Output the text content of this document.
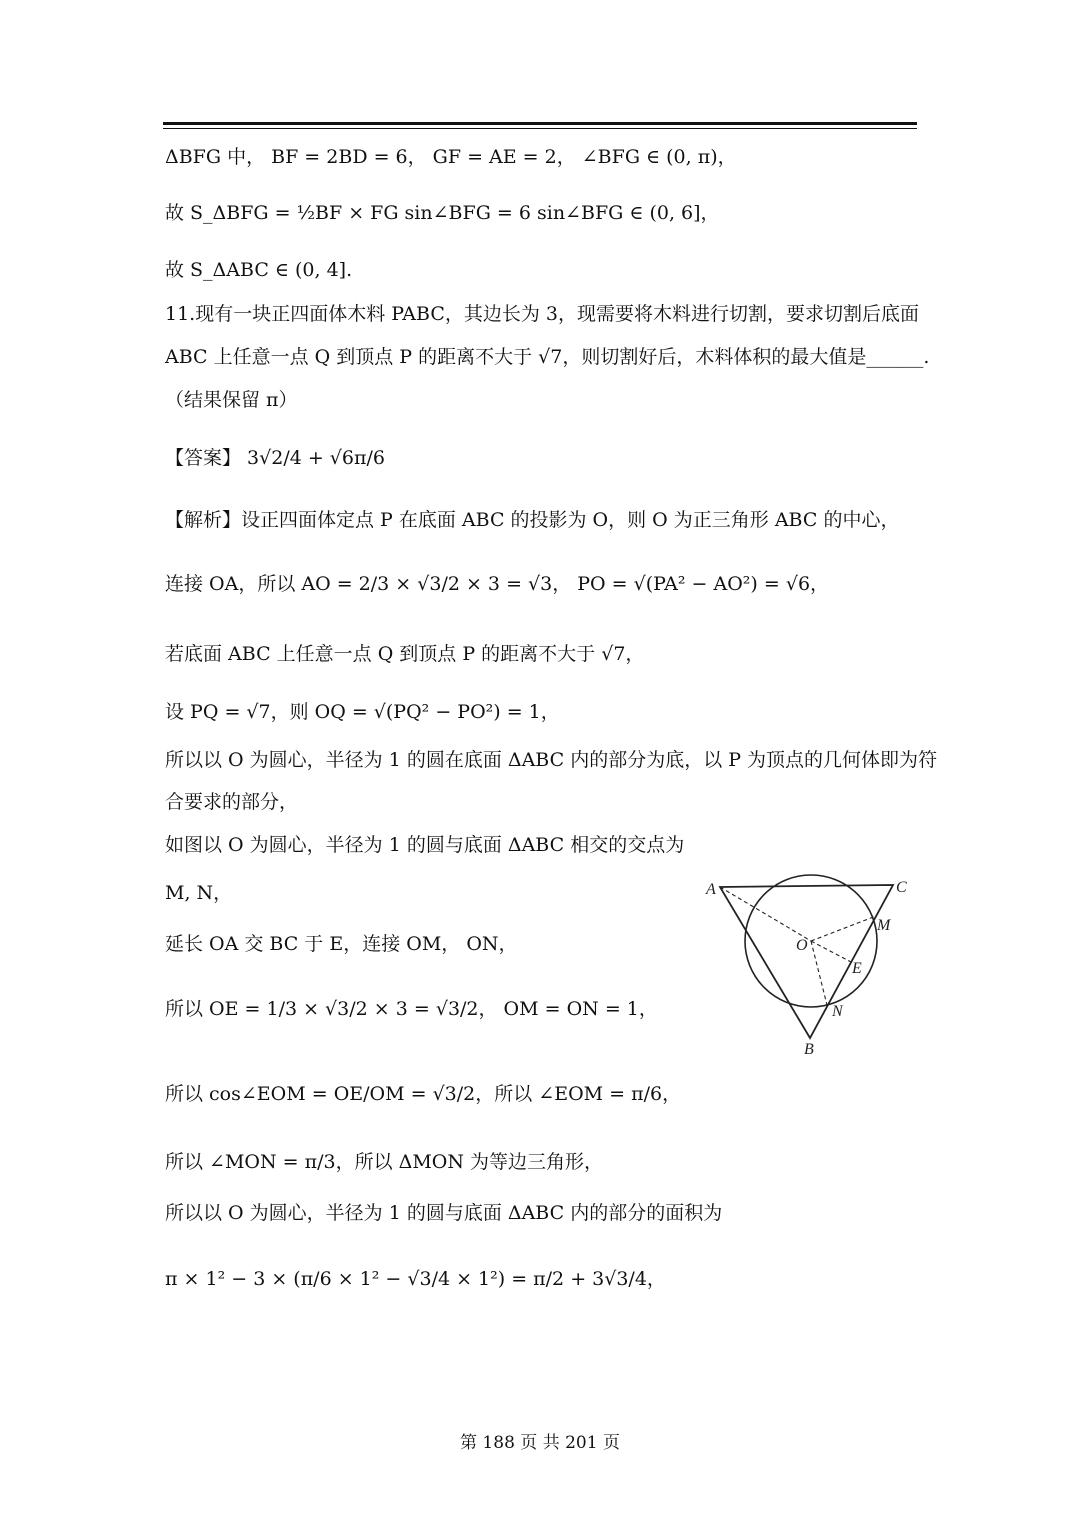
ΔBFG 中， BF = 2BD = 6， GF = AE = 2， ∠BFG ∈ (0, π)，
故 S_ΔBFG = ½BF × FG sin∠BFG = 6 sin∠BFG ∈ (0, 6]，
故 S_ΔABC ∈ (0, 4].
11.现有一块正四面体木料 PABC，其边长为 3，现需要将木料进行切割，要求切割后底面
ABC 上任意一点 Q 到顶点 P 的距离不大于 √7，则切割好后，木料体积的最大值是______.
（结果保留 π）
【答案】 3√2/4 + √6π/6
【解析】设正四面体定点 P 在底面 ABC 的投影为 O，则 O 为正三角形 ABC 的中心，
连接 OA，所以 AO = 2/3 × √3/2 × 3 = √3， PO = √(PA² − AO²) = √6，
若底面 ABC 上任意一点 Q 到顶点 P 的距离不大于 √7，
设 PQ = √7，则 OQ = √(PQ² − PO²) = 1，
所以以 O 为圆心，半径为 1 的圆在底面 ΔABC 内的部分为底，以 P 为顶点的几何体即为符
合要求的部分，
如图以 O 为圆心，半径为 1 的圆与底面 ΔABC 相交的交点为
M, N，
延长 OA 交 BC 于 E，连接 OM， ON，
所以 OE = 1/3 × √3/2 × 3 = √3/2， OM = ON = 1，
所以 cos∠EOM = OE/OM = √3/2，所以 ∠EOM = π/6，
所以 ∠MON = π/3，所以 ΔMON 为等边三角形，
所以以 O 为圆心，半径为 1 的圆与底面 ΔABC 内的部分的面积为
π × 1² − 3 × (π/6 × 1² − √3/4 × 1²) = π/2 + 3√3/4，
A	C
M
O
E
N
B
第 188 页 共 201 页
